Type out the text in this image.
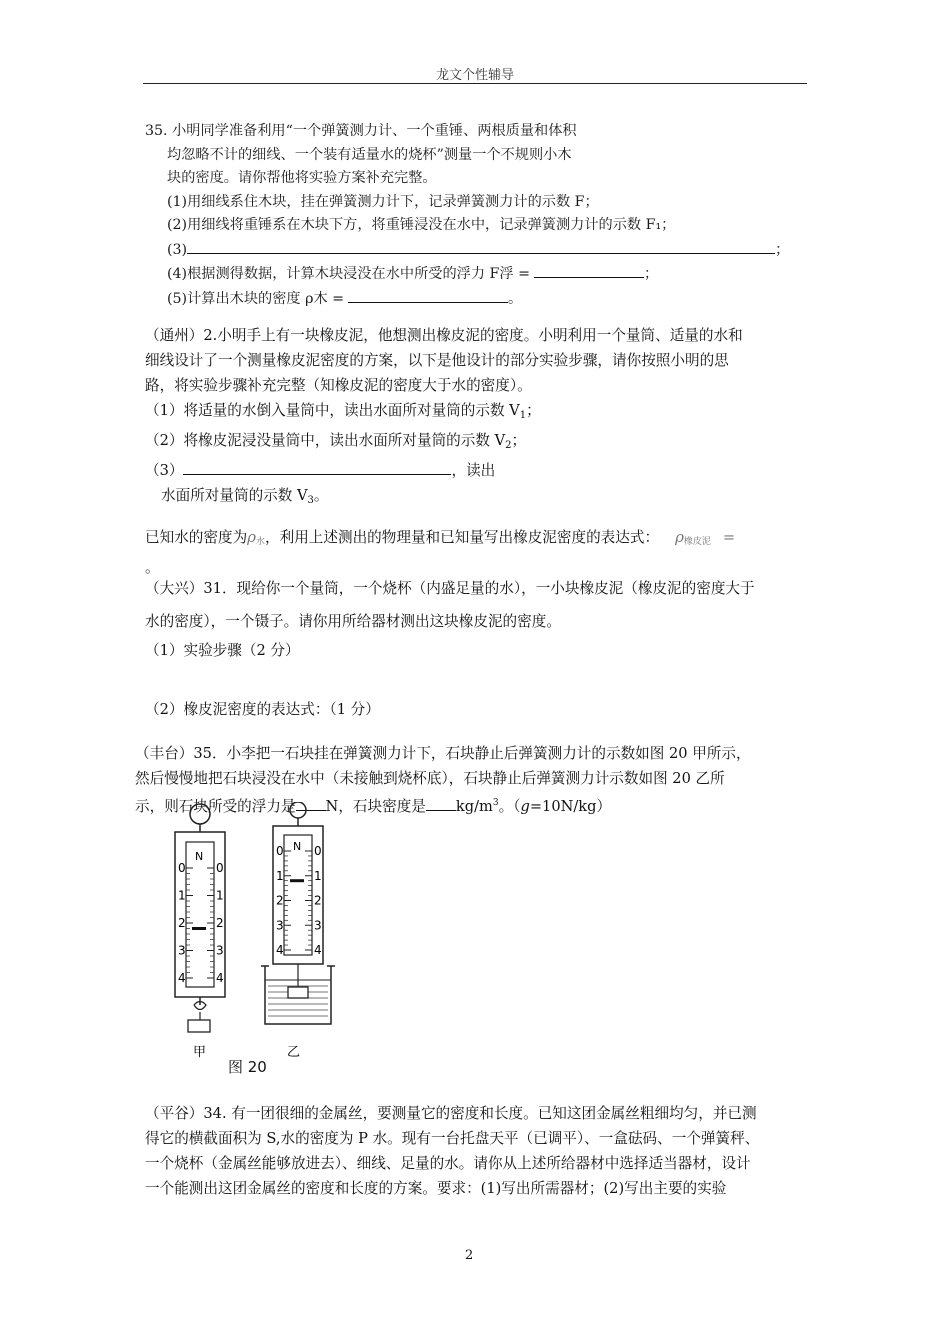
龙文个性辅导
35. 小明同学准备利用“一个弹簧测力计、一个重锤、两根质量和体积
均忽略不计的细线、一个装有适量水的烧杯”测量一个不规则小木
块的密度。请你帮他将实验方案补充完整。
(1)用细线系住木块，挂在弹簧测力计下，记录弹簧测力计的示数 F；
(2)用细线将重锤系在木块下方，将重锤浸没在水中，记录弹簧测力计的示数 F₁；
(3)	；
(4)根据测得数据，计算木块浸没在水中所受的浮力 F浮 =	；
(5)计算出木块的密度 ρ木 =	。
（通州）2.小明手上有一块橡皮泥，他想测出橡皮泥的密度。小明利用一个量筒、适量的水和
细线设计了一个测量橡皮泥密度的方案，以下是他设计的部分实验步骤，请你按照小明的思
路，将实验步骤补充完整（知橡皮泥的密度大于水的密度）。
（1）将适量的水倒入量筒中，读出水面所对量筒的示数 $V_1$；
（2）将橡皮泥浸没量筒中，读出水面所对量筒的示数 $V_2$；
（3）	，读出
水面所对量筒的示数 $V_3$。
已知水的密度为ρ水，利用上述测出的物理量和已知量写出橡皮泥密度的表达式： ρ橡皮泥 =
。
（大兴）31．现给你一个量筒，一个烧杯（内盛足量的水），一小块橡皮泥（橡皮泥的密度大于
水的密度），一个镊子。请你用所给器材测出这块橡皮泥的密度。
（1）实验步骤（2 分）
（2）橡皮泥密度的表达式：（1 分）
（丰台）35．小李把一石块挂在弹簧测力计下，石块静止后弹簧测力计的示数如图 20 甲所示，
然后慢慢地把石块浸没在水中（未接触到烧杯底），石块静止后弹簧测力计示数如图 20 乙所
示，则石块所受的浮力是 N，石块密度是 $kg/m^3$。（g=10N/kg）
N
0	0
1	1
2	2
3	3
4	4
甲
N
0	0
1	1
2	2
3	3
4	4
乙
图 20
（平谷）34. 有一团很细的金属丝，要测量它的密度和长度。已知这团金属丝粗细均匀，并已测
得它的横截面积为 S,水的密度为 P 水。现有一台托盘天平（已调平）、一盒砝码、一个弹簧秤、
一个烧杯（金属丝能够放进去）、细线、足量的水。请你从上述所给器材中选择适当器材，设计
一个能测出这团金属丝的密度和长度的方案。要求：(1)写出所需器材；(2)写出主要的实验
2
